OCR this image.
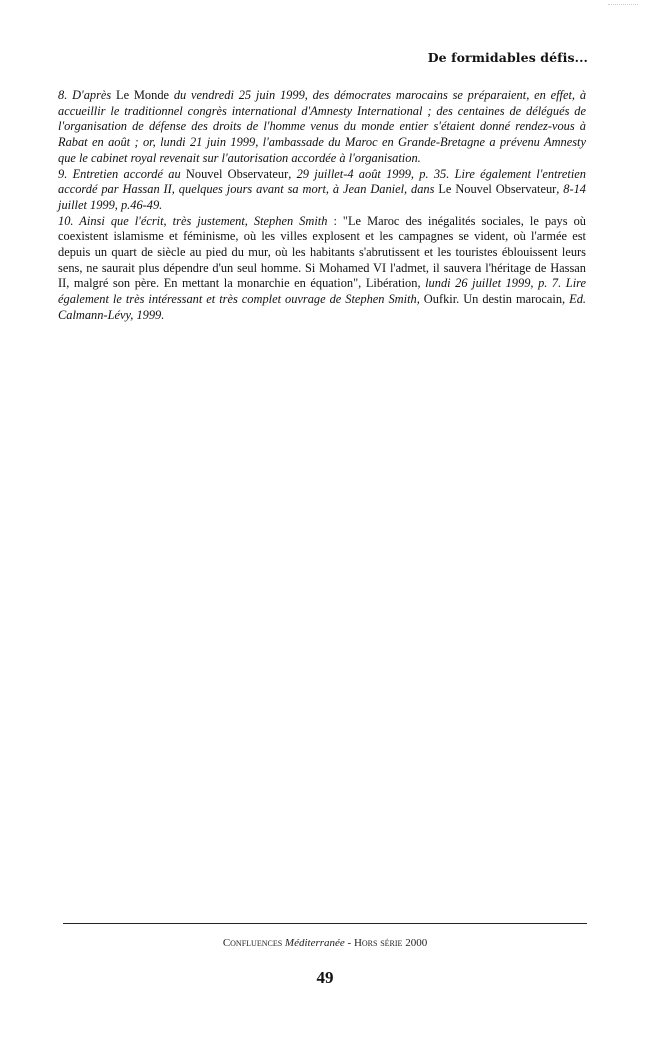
De formidables défis...

8. D'après Le Monde du vendredi 25 juin 1999, des démocrates marocains se préparaient, en effet, à accueillir le traditionnel congrès international d'Amnesty International ; des centaines de délégués de l'organisation de défense des droits de l'homme venus du monde entier s'étaient donné rendez-vous à Rabat en août ; or, lundi 21 juin 1999, l'ambassade du Maroc en Grande-Bretagne a prévenu Amnesty que le cabinet royal revenait sur l'autorisation accordée à l'organisation.

9. Entretien accordé au Nouvel Observateur, 29 juillet-4 août 1999, p. 35. Lire également l'entretien accordé par Hassan II, quelques jours avant sa mort, à Jean Daniel, dans Le Nouvel Observateur, 8-14 juillet 1999, p.46-49.

10. Ainsi que l'écrit, très justement, Stephen Smith : "Le Maroc des inégalités sociales, le pays où coexistent islamisme et féminisme, où les villes explosent et les campagnes se vident, où l'armée est depuis un quart de siècle au pied du mur, où les habitants s'abrutissent et les touristes éblouissent leurs sens, ne saurait plus dépendre d'un seul homme. Si Mohamed VI l'admet, il sauvera l'héritage de Hassan II, malgré son père. En mettant la monarchie en équation", Libération, lundi 26 juillet 1999, p. 7. Lire également le très intéressant et très complet ouvrage de Stephen Smith, Oufkir. Un destin marocain, Ed. Calmann-Lévy, 1999.

Confluences Méditerranée - Hors série 2000
49
